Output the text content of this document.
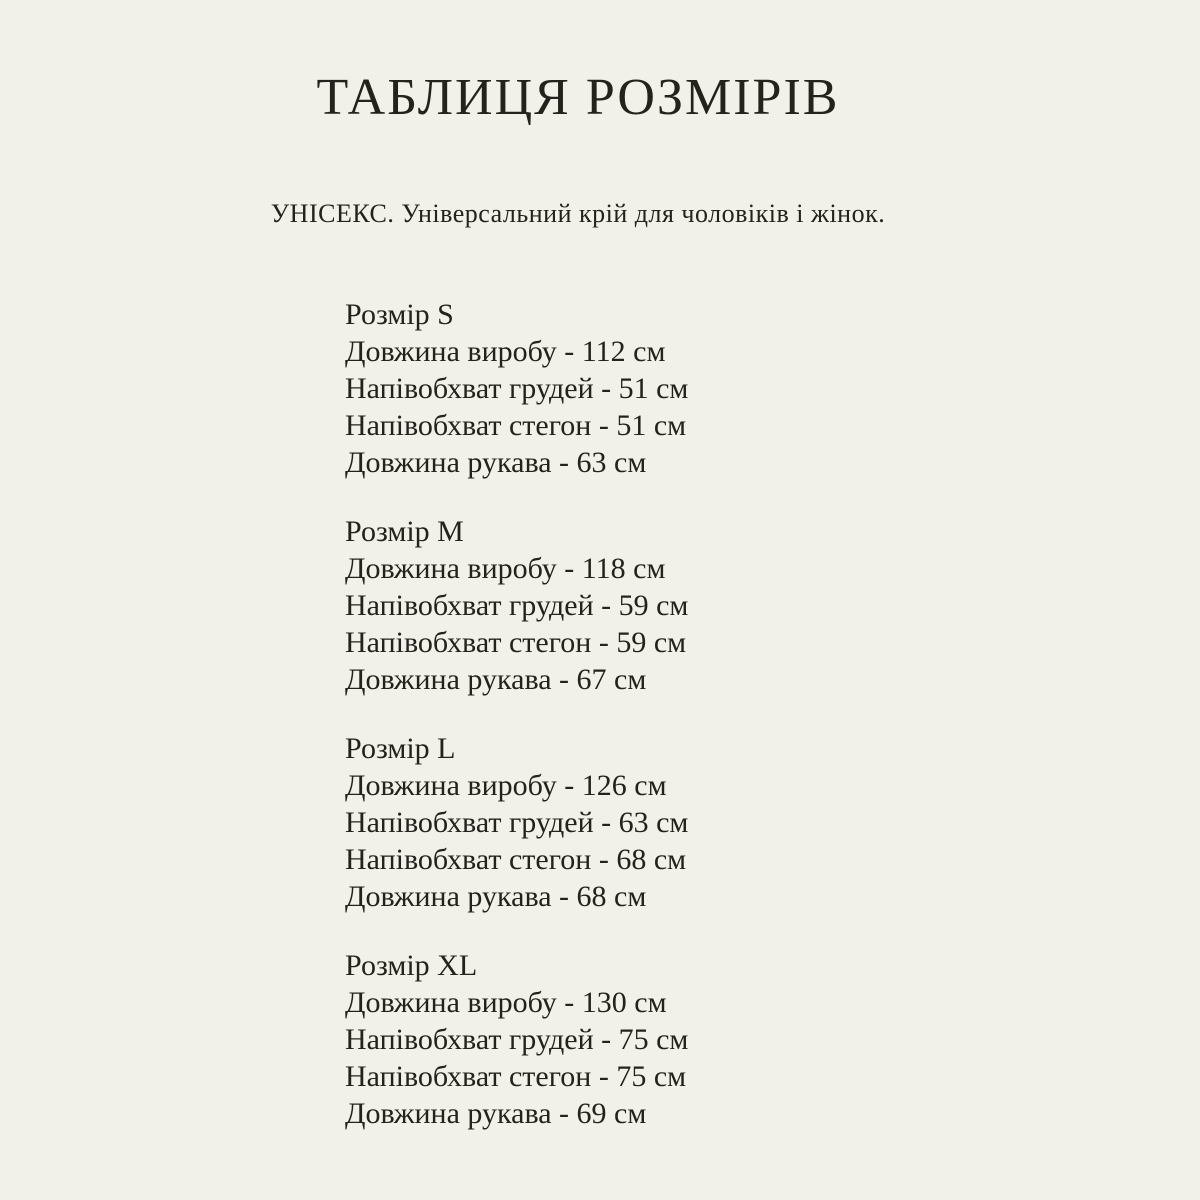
ТАБЛИЦЯ РОЗМІРІВ

УНІСЕКС. Універсальний крій для чоловіків і жінок.

Розмір S

Довжина виробу - 112 см

Напівобхват грудей - 51 см

Напівобхват стегон - 51 см

Довжина рукава - 63 см

Розмір M

Довжина виробу - 118 см

Напівобхват грудей - 59 см

Напівобхват стегон - 59 см

Довжина рукава - 67 см

Розмір L

Довжина виробу - 126 см

Напівобхват грудей - 63 см

Напівобхват стегон - 68 см

Довжина рукава - 68 см

Розмір XL

Довжина виробу - 130 см

Напівобхват грудей - 75 см

Напівобхват стегон - 75 см

Довжина рукава - 69 см
